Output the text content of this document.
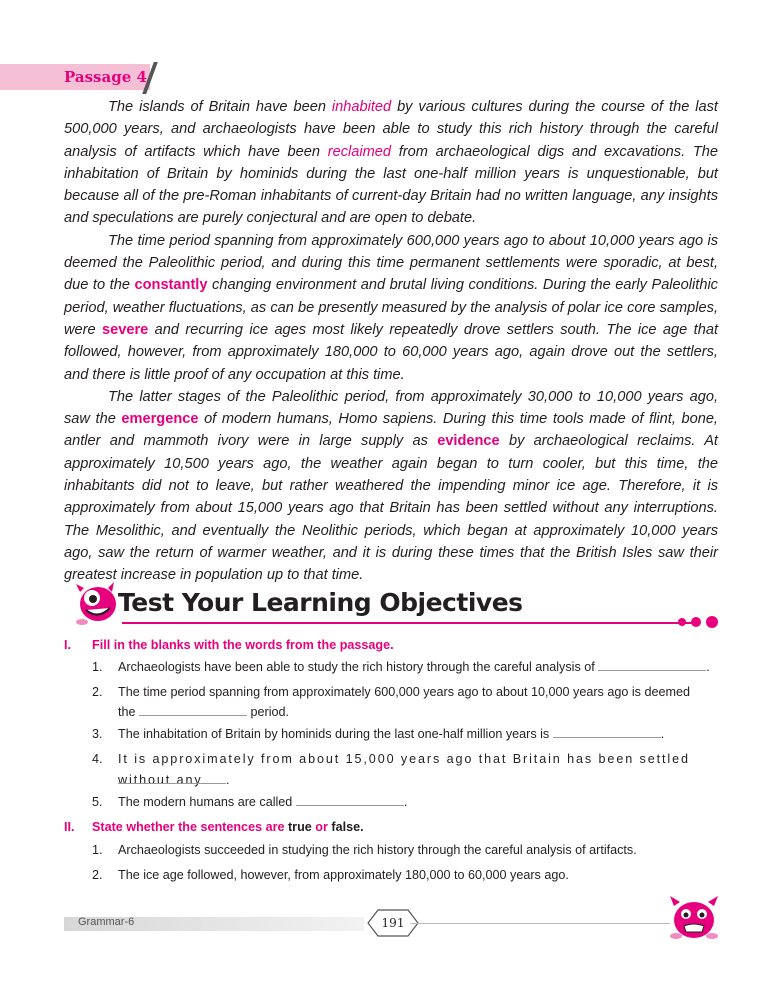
Passage 4

The islands of Britain have been inhabited by various cultures during the course of the last 500,000 years, and archaeologists have been able to study this rich history through the careful analysis of artifacts which have been reclaimed from archaeological digs and excavations. The inhabitation of Britain by hominids during the last one-half million years is unquestionable, but because all of the pre-Roman inhabitants of current-day Britain had no written language, any insights and speculations are purely conjectural and are open to debate.

The time period spanning from approximately 600,000 years ago to about 10,000 years ago is deemed the Paleolithic period, and during this time permanent settlements were sporadic, at best, due to the constantly changing environment and brutal living conditions. During the early Paleolithic period, weather fluctuations, as can be presently measured by the analysis of polar ice core samples, were severe and recurring ice ages most likely repeatedly drove settlers south. The ice age that followed, however, from approximately 180,000 to 60,000 years ago, again drove out the settlers, and there is little proof of any occupation at this time.

The latter stages of the Paleolithic period, from approximately 30,000 to 10,000 years ago, saw the emergence of modern humans, Homo sapiens. During this time tools made of flint, bone, antler and mammoth ivory were in large supply as evidence by archaeological reclaims. At approximately 10,500 years ago, the weather again began to turn cooler, but this time, the inhabitants did not to leave, but rather weathered the impending minor ice age. Therefore, it is approximately from about 15,000 years ago that Britain has been settled without any interruptions. The Mesolithic, and eventually the Neolithic periods, which began at approximately 10,000 years ago, saw the return of warmer weather, and it is during these times that the British Isles saw their greatest increase in population up to that time.

Test Your Learning Objectives
I. Fill in the blanks with the words from the passage.
1. Archaeologists have been able to study the rich history through the careful analysis of	.
2. The time period spanning from approximately 600,000 years ago to about 10,000 years ago is deemed
the	period.
3. The inhabitation of Britain by hominids during the last one-half million years is	.
4. It is approximately from about 15,000 years ago that Britain has been settled without any	.
5. The modern humans are called	.
II. State whether the sentences are true or false.
1. Archaeologists succeeded in studying the rich history through the careful analysis of artifacts.
2. The ice age followed, however, from approximately 180,000 to 60,000 years ago.
Grammar-6	191
